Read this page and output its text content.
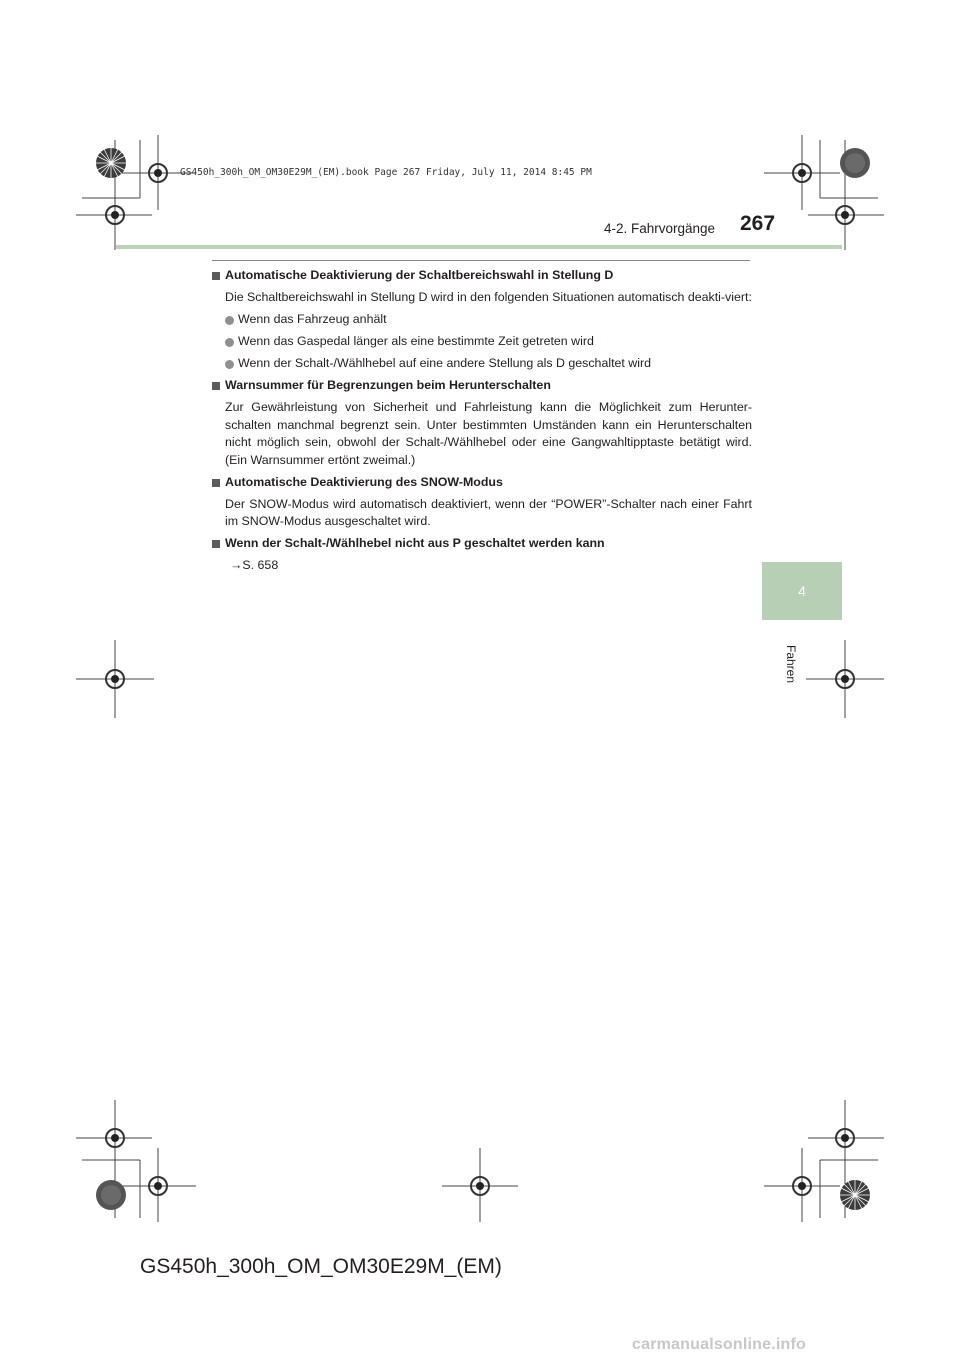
GS450h_300h_OM_OM30E29M_(EM).book Page 267 Friday, July 11, 2014 8:45 PM
4-2. Fahrvorgänge 267
4
Fahren
Automatische Deaktivierung der Schaltbereichswahl in Stellung D
Die Schaltbereichswahl in Stellung D wird in den folgenden Situationen automatisch deakti-viert:
Wenn das Fahrzeug anhält
Wenn das Gaspedal länger als eine bestimmte Zeit getreten wird
Wenn der Schalt-/Wählhebel auf eine andere Stellung als D geschaltet wird
Warnsummer für Begrenzungen beim Herunterschalten
Zur Gewährleistung von Sicherheit und Fahrleistung kann die Möglichkeit zum Herunter-schalten manchmal begrenzt sein. Unter bestimmten Umständen kann ein Herunterschalten nicht möglich sein, obwohl der Schalt-/Wählhebel oder eine Gangwahltipptaste betätigt wird. (Ein Warnsummer ertönt zweimal.)
Automatische Deaktivierung des SNOW-Modus
Der SNOW-Modus wird automatisch deaktiviert, wenn der “POWER”-Schalter nach einer Fahrt im SNOW-Modus ausgeschaltet wird.
Wenn der Schalt-/Wählhebel nicht aus P geschaltet werden kann
→S. 658
GS450h_300h_OM_OM30E29M_(EM)
carmanualsonline.info
